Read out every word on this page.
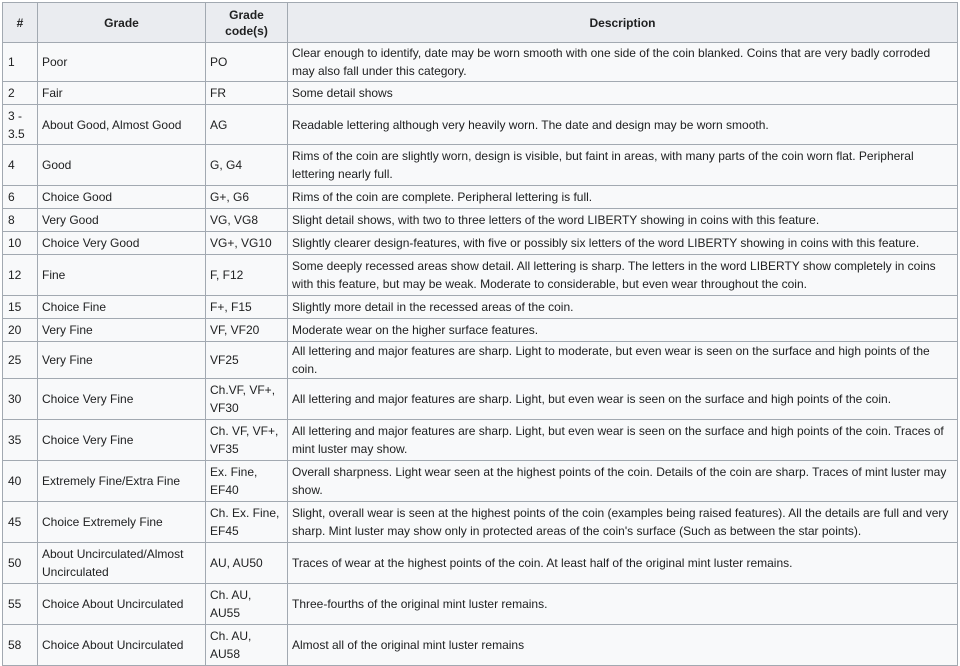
#	Grade	Grade code(s)	Description
1	Poor	PO	Clear enough to identify, date may be worn smooth with one side of the coin blanked. Coins that are very badly corroded may also fall under this category.
2	Fair	FR	Some detail shows
3 - 3.5	About Good, Almost Good	AG	Readable lettering although very heavily worn. The date and design may be worn smooth.
4	Good	G, G4	Rims of the coin are slightly worn, design is visible, but faint in areas, with many parts of the coin worn flat. Peripheral lettering nearly full.
6	Choice Good	G+, G6	Rims of the coin are complete. Peripheral lettering is full.
8	Very Good	VG, VG8	Slight detail shows, with two to three letters of the word LIBERTY showing in coins with this feature.
10	Choice Very Good	VG+, VG10	Slightly clearer design-features, with five or possibly six letters of the word LIBERTY showing in coins with this feature.
12	Fine	F, F12	Some deeply recessed areas show detail. All lettering is sharp. The letters in the word LIBERTY show completely in coins with this feature, but may be weak. Moderate to considerable, but even wear throughout the coin.
15	Choice Fine	F+, F15	Slightly more detail in the recessed areas of the coin.
20	Very Fine	VF, VF20	Moderate wear on the higher surface features.
25	Very Fine	VF25	All lettering and major features are sharp. Light to moderate, but even wear is seen on the surface and high points of the coin.
30	Choice Very Fine	Ch.VF, VF+, VF30	All lettering and major features are sharp. Light, but even wear is seen on the surface and high points of the coin.
35	Choice Very Fine	Ch. VF, VF+, VF35	All lettering and major features are sharp. Light, but even wear is seen on the surface and high points of the coin. Traces of mint luster may show.
40	Extremely Fine/Extra Fine	Ex. Fine, EF40	Overall sharpness. Light wear seen at the highest points of the coin. Details of the coin are sharp. Traces of mint luster may show.
45	Choice Extremely Fine	Ch. Ex. Fine, EF45	Slight, overall wear is seen at the highest points of the coin (examples being raised features). All the details are full and very sharp. Mint luster may show only in protected areas of the coin's surface (Such as between the star points).
50	About Uncirculated/Almost Uncirculated	AU, AU50	Traces of wear at the highest points of the coin. At least half of the original mint luster remains.
55	Choice About Uncirculated	Ch. AU, AU55	Three-fourths of the original mint luster remains.
58	Choice About Uncirculated	Ch. AU, AU58	Almost all of the original mint luster remains
